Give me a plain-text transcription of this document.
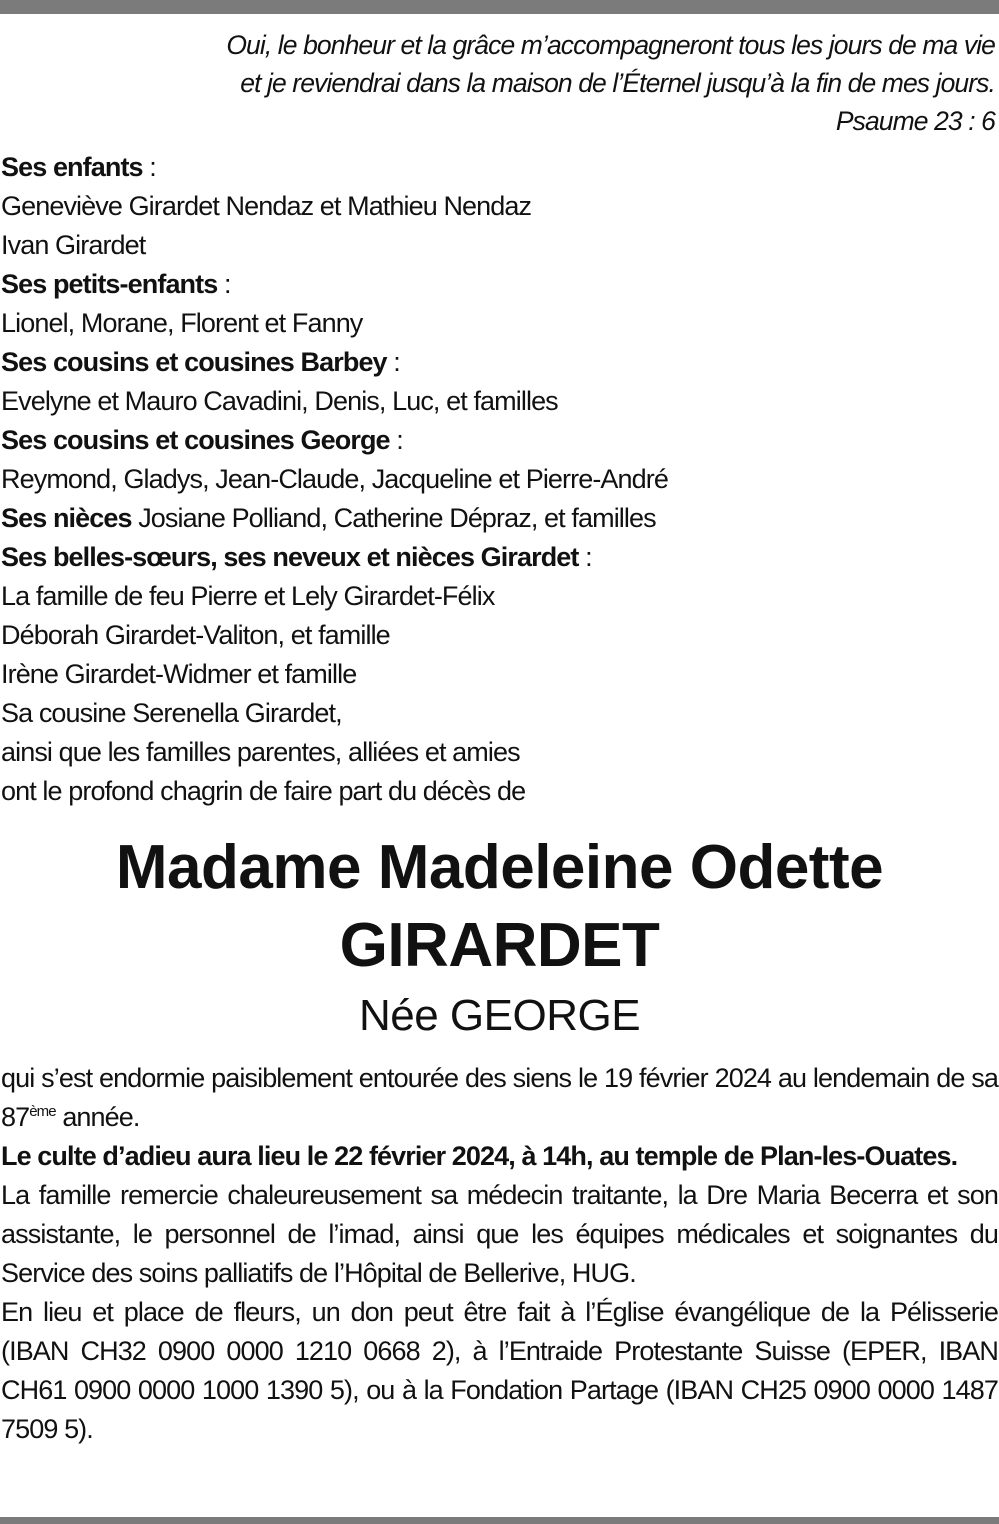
Oui, le bonheur et la grâce m’accompagneront tous les jours de ma vie
et je reviendrai dans la maison de l’Éternel jusqu’à la fin de mes jours.
Psaume 23 : 6
Ses enfants :
Geneviève Girardet Nendaz et Mathieu Nendaz
Ivan Girardet
Ses petits-enfants :
Lionel, Morane, Florent et Fanny
Ses cousins et cousines Barbey :
Evelyne et Mauro Cavadini, Denis, Luc, et familles
Ses cousins et cousines George :
Reymond, Gladys, Jean-Claude, Jacqueline et Pierre-André
Ses nièces Josiane Polliand, Catherine Dépraz, et familles
Ses belles-sœurs, ses neveux et nièces Girardet :
La famille de feu Pierre et Lely Girardet-Félix
Déborah Girardet-Valiton, et famille
Irène Girardet-Widmer et famille
Sa cousine Serenella Girardet,
ainsi que les familles parentes, alliées et amies
ont le profond chagrin de faire part du décès de
Madame Madeleine Odette
GIRARDET
Née GEORGE
qui s’est endormie paisiblement entourée des siens le 19 février 2024 au lendemain de sa 87ème année.
Le culte d’adieu aura lieu le 22 février 2024, à 14h, au temple de Plan-les-Ouates.
La famille remercie chaleureusement sa médecin traitante, la Dre Maria Becerra et son assistante, le personnel de l’imad, ainsi que les équipes médicales et soignantes du Service des soins palliatifs de l’Hôpital de Bellerive, HUG.
En lieu et place de fleurs, un don peut être fait à l’Église évangélique de la Pélisserie (IBAN CH32 0900 0000 1210 0668 2), à l’Entraide Protestante Suisse (EPER, IBAN CH61 0900 0000 1000 1390 5), ou à la Fondation Partage (IBAN CH25 0900 0000 1487 7509 5).
